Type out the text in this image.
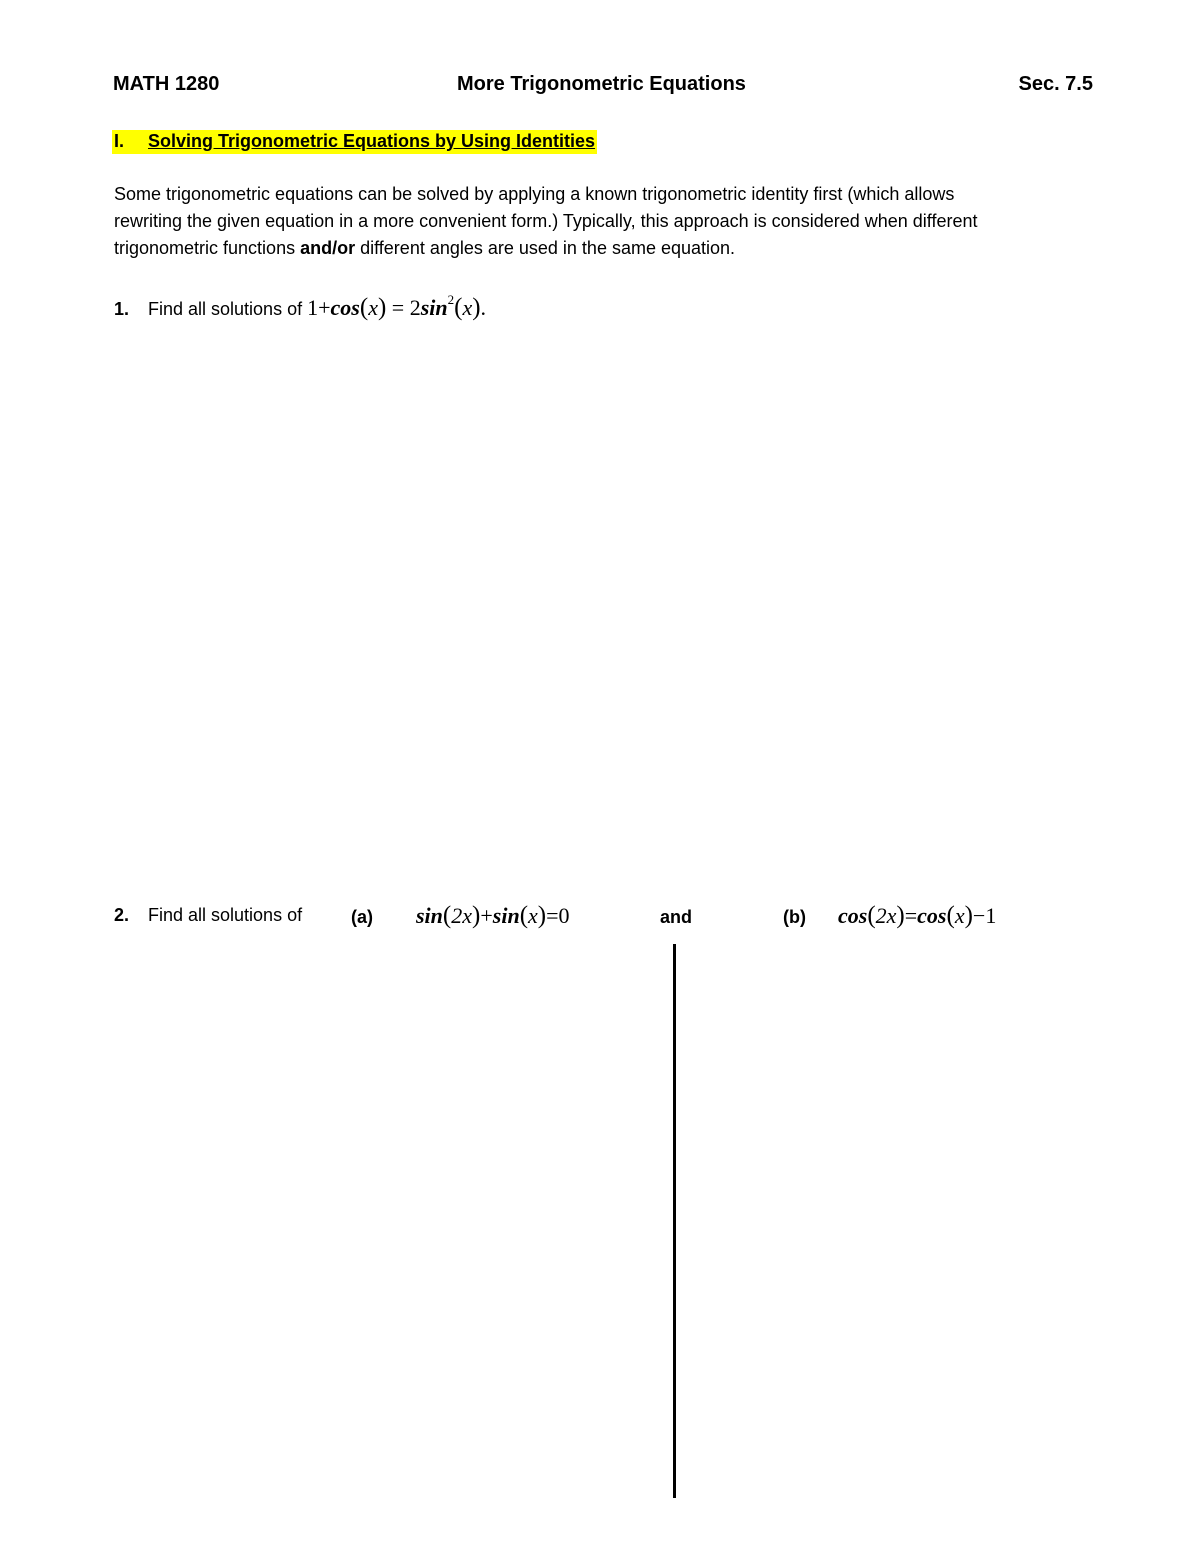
MATH 1280	More Trigonometric Equations	Sec. 7.5
I. Solving Trigonometric Equations by Using Identities

Some trigonometric equations can be solved by applying a known trigonometric identity first (which allows

rewriting the given equation in a more convenient form.) Typically, this approach is considered when different

trigonometric functions and/or different angles are used in the same equation.

1. Find all solutions of $1+\cos(x) = 2\sin^2(x)$.
2. Find all solutions of	(a) sin(2x)+sin(x)=0	and	(b) cos(2x)=cos(x)−1
